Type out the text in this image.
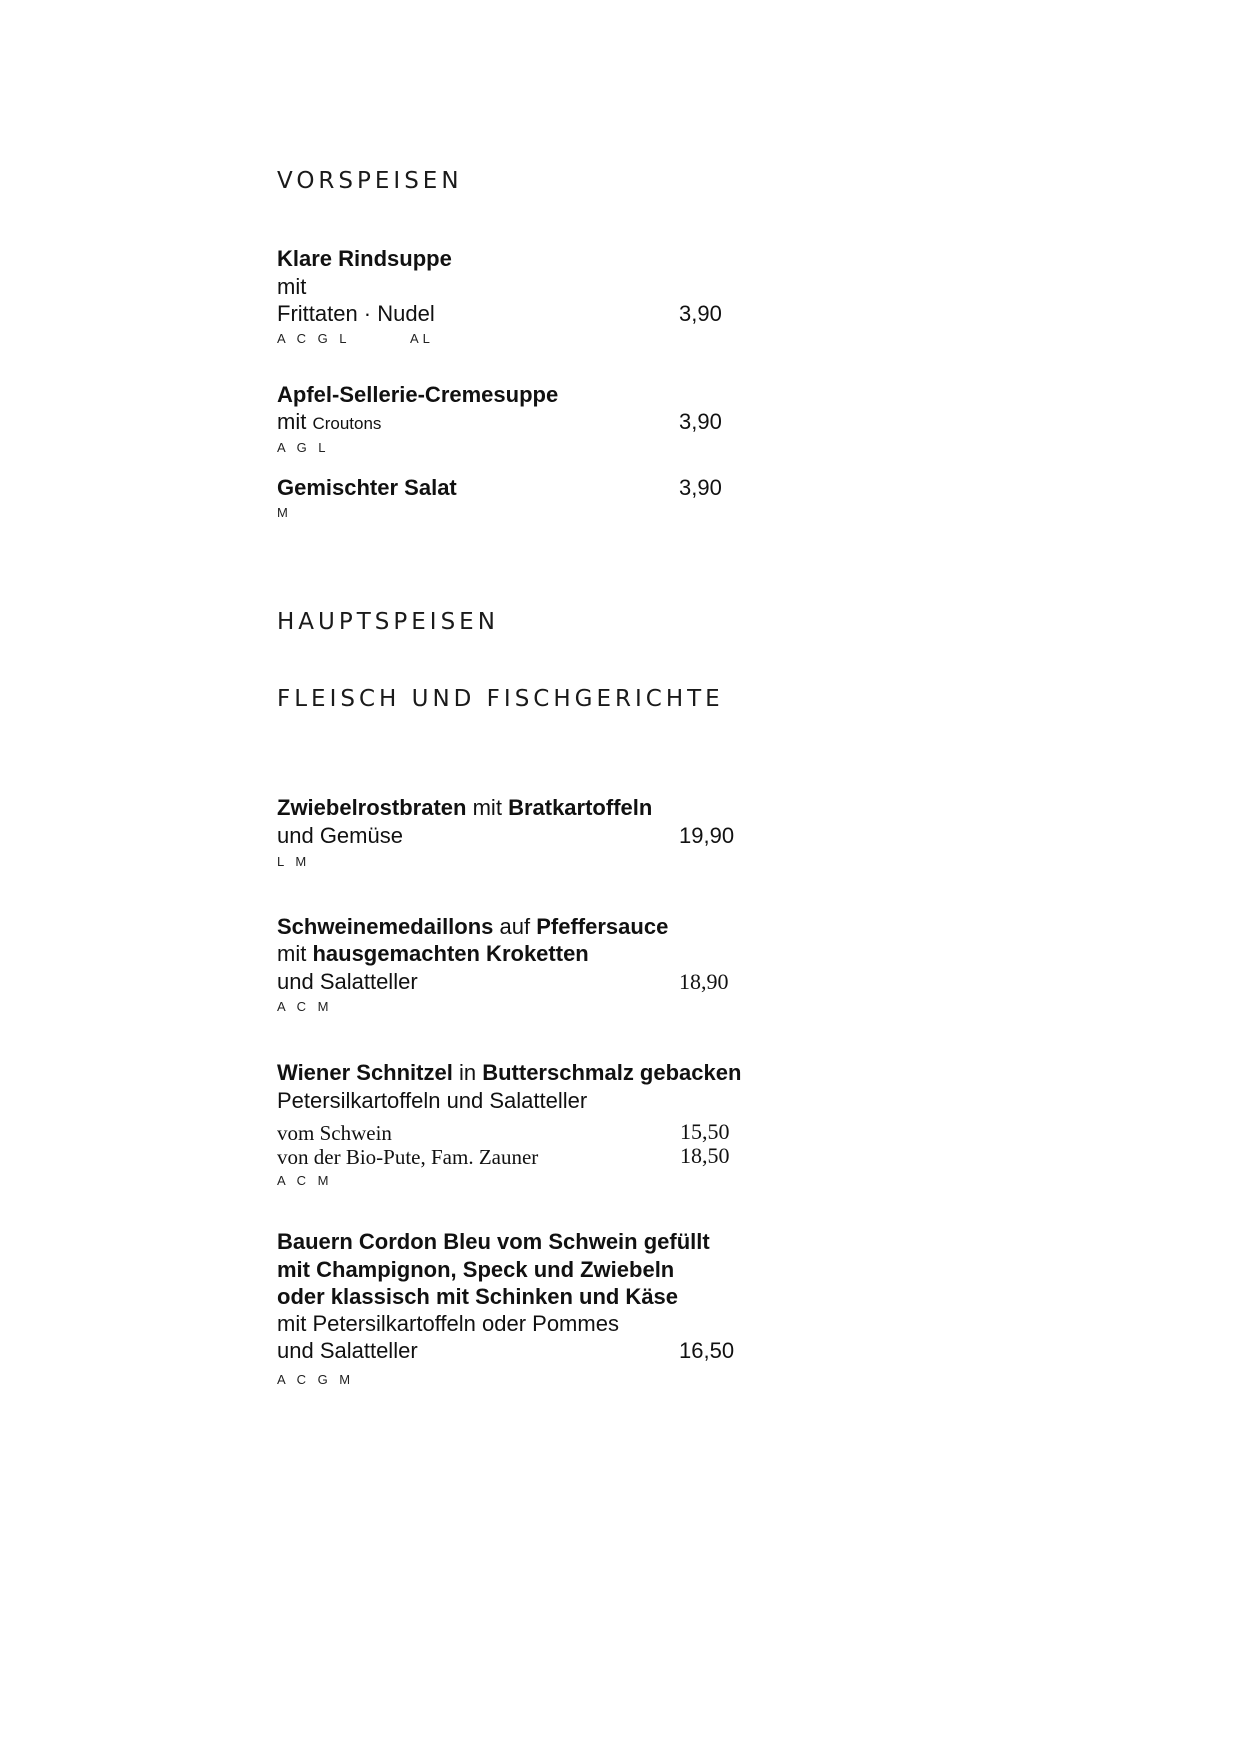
VORSPEISEN
Klare Rindsuppe
mit
Frittaten · Nudel	3,90
A C G L	AL
Apfel-Sellerie-Cremesuppe
mit Croutons	3,90
A G L
Gemischter Salat	3,90
M
HAUPTSPEISEN
FLEISCH UND FISCHGERICHTE
Zwiebelrostbraten mit Bratkartoffeln
und Gemüse	19,90
L M
Schweinemedaillons auf Pfeffersauce
mit hausgemachten Kroketten
und Salatteller	18,90
A C M
Wiener Schnitzel in Butterschmalz gebacken
Petersilkartoffeln und Salatteller
vom Schwein	15,50
von der Bio-Pute, Fam. Zauner	18,50
A C M
Bauern Cordon Bleu vom Schwein gefüllt
mit Champignon, Speck und Zwiebeln
oder klassisch mit Schinken und Käse
mit Petersilkartoffeln oder Pommes
und Salatteller	16,50
A C G M
